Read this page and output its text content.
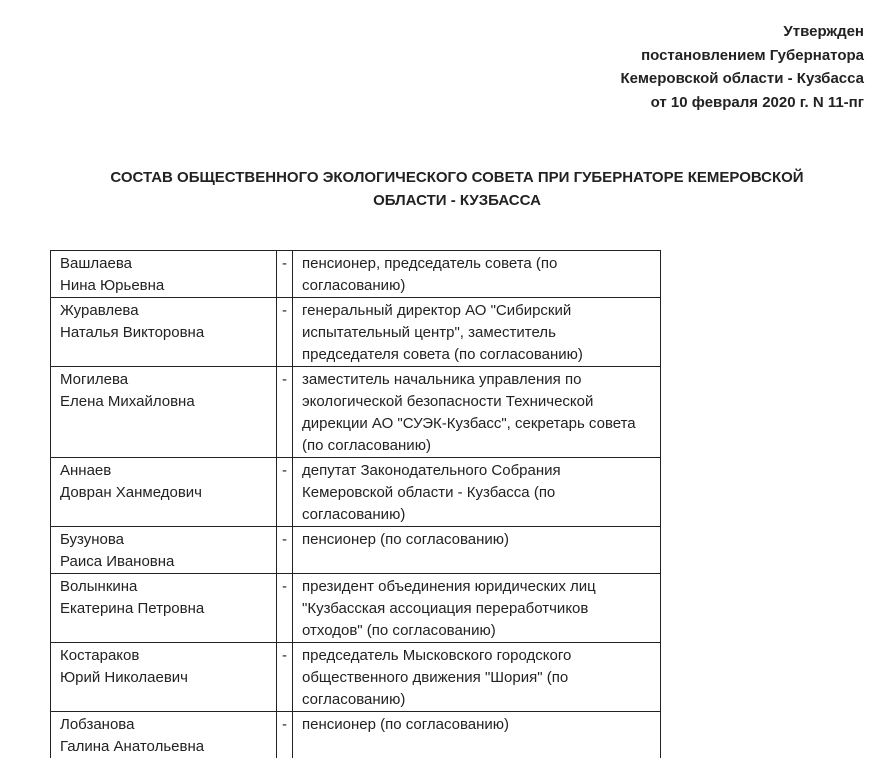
Утвержден
постановлением Губернатора
Кемеровской области - Кузбасса
от 10 февраля 2020 г. N 11-пг
СОСТАВ ОБЩЕСТВЕННОГО ЭКОЛОГИЧЕСКОГО СОВЕТА ПРИ ГУБЕРНАТОРЕ КЕМЕРОВСКОЙ
ОБЛАСТИ - КУЗБАССА
Вашлаева
Нина Юрьевна	-	пенсионер, председатель совета (по согласованию)

Журавлева
Наталья Викторовна	-	генеральный директор АО "Сибирский испытательный центр", заместитель председателя совета (по согласованию)

Могилева
Елена Михайловна	-	заместитель начальника управления по экологической безопасности Технической дирекции АО "СУЭК-Кузбасс", секретарь совета (по согласованию)

Аннаев
Довран Ханмедович	-	депутат Законодательного Собрания Кемеровской области - Кузбасса (по согласованию)

Бузунова
Раиса Ивановна	-	пенсионер (по согласованию)

Волынкина
Екатерина Петровна	-	президент объединения юридических лиц "Кузбасская ассоциация переработчиков отходов" (по согласованию)

Костараков
Юрий Николаевич	-	председатель Мысковского городского общественного движения "Шория" (по согласованию)

Лобзанова
Галина Анатольевна	-	пенсионер (по согласованию)
